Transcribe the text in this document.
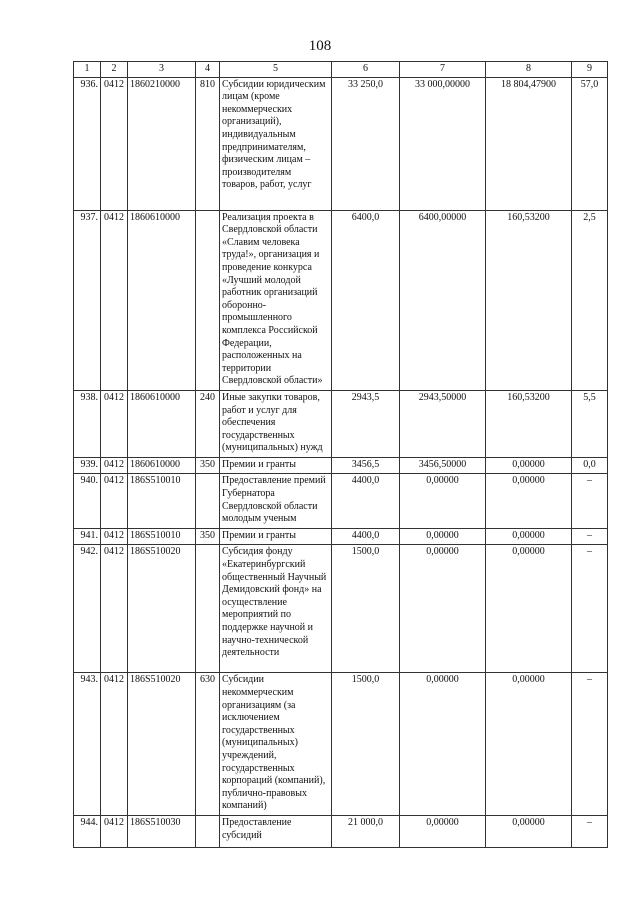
108
1	2	3	4	5	6	7	8	9
936.	0412	1860210000	810	Субсидии юридическим лицам (кроме некоммерческих организаций), индивидуальным предпринимателям, физическим лицам – производителям товаров, работ, услуг	33 250,0	33 000,00000	18 804,47900	57,0
937.	0412	1860610000		Реализация проекта в Свердловской области «Славим человека труда!», организация и проведение конкурса «Лучший молодой работник организаций оборонно-промышленного комплекса Российской Федерации, расположенных на территории Свердловской области»	6400,0	6400,00000	160,53200	2,5
938.	0412	1860610000	240	Иные закупки товаров, работ и услуг для обеспечения государственных (муниципальных) нужд	2943,5	2943,50000	160,53200	5,5
939.	0412	1860610000	350	Премии и гранты	3456,5	3456,50000	0,00000	0,0
940.	0412	186S510010		Предоставление премий Губернатора Свердловской области молодым ученым	4400,0	0,00000	0,00000	–
941.	0412	186S510010	350	Премии и гранты	4400,0	0,00000	0,00000	–
942.	0412	186S510020		Субсидия фонду «Екатеринбургский общественный Научный Демидовский фонд» на осуществление мероприятий по поддержке научной и научно-технической деятельности	1500,0	0,00000	0,00000	–
943.	0412	186S510020	630	Субсидии некоммерческим организациям (за исключением государственных (муниципальных) учреждений, государственных корпораций (компаний), публично-правовых компаний)	1500,0	0,00000	0,00000	–
944.	0412	186S510030		Предоставление субсидий	21 000,0	0,00000	0,00000	–
